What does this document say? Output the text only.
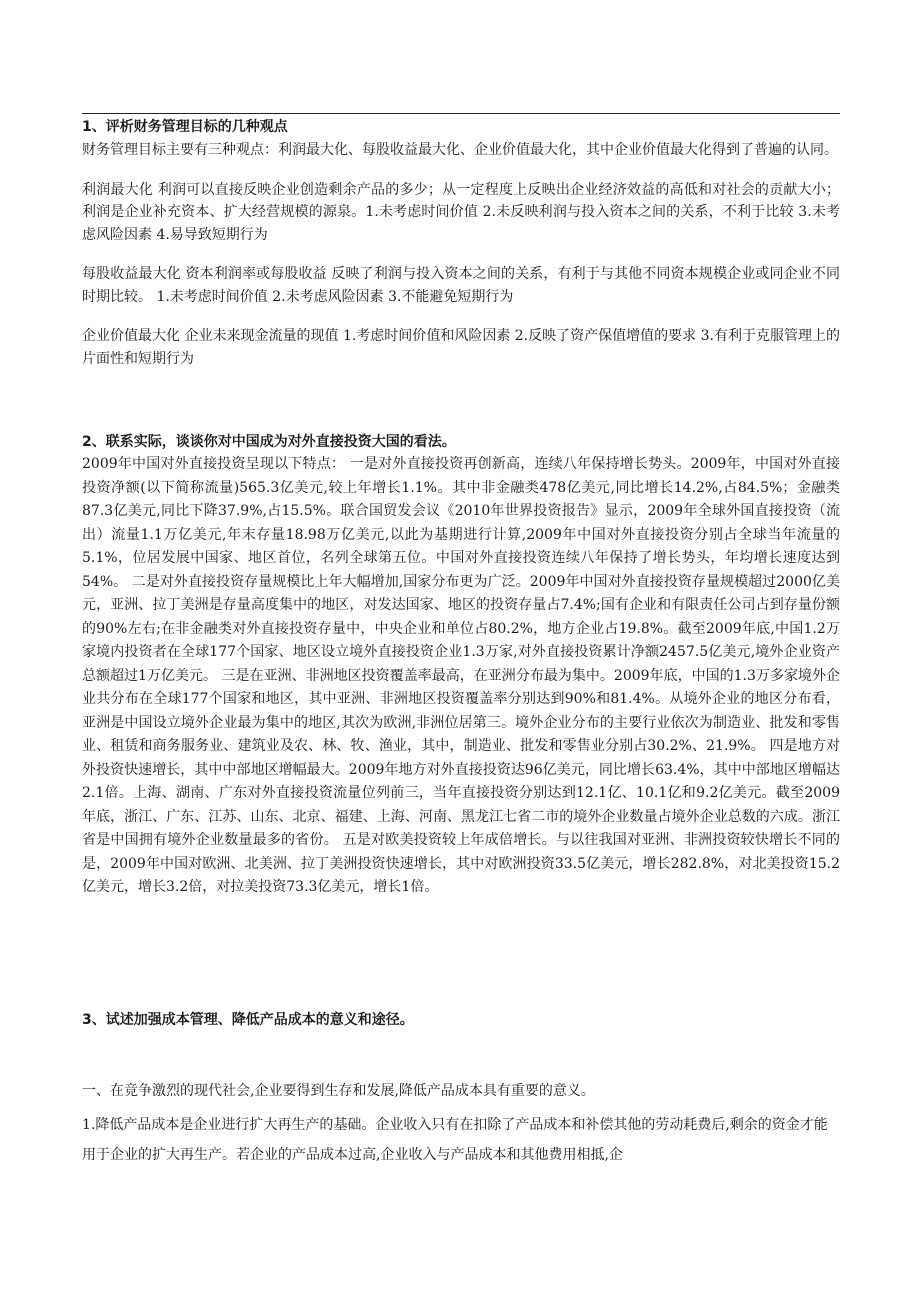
1、评析财务管理目标的几种观点

财务管理目标主要有三种观点：利润最大化、每股收益最大化、企业价值最大化，其中企业价值最大化得到了普遍的认同。

利润最大化 利润可以直接反映企业创造剩余产品的多少；从一定程度上反映出企业经济效益的高低和对社会的贡献大小；利润是企业补充资本、扩大经营规模的源泉。1.未考虑时间价值 2.未反映利润与投入资本之间的关系，不利于比较 3.未考虑风险因素 4.易导致短期行为

每股收益最大化 资本利润率或每股收益 反映了利润与投入资本之间的关系，有利于与其他不同资本规模企业或同企业不同时期比较。 1.未考虑时间价值 2.未考虑风险因素 3.不能避免短期行为

企业价值最大化 企业未来现金流量的现值 1.考虑时间价值和风险因素 2.反映了资产保值增值的要求 3.有利于克服管理上的片面性和短期行为

2、联系实际，谈谈你对中国成为对外直接投资大国的看法。

2009年中国对外直接投资呈现以下特点： 一是对外直接投资再创新高，连续八年保持增长势头。2009年，中国对外直接投资净额(以下简称流量)565.3亿美元,较上年增长1.1%。其中非金融类478亿美元,同比增长14.2%,占84.5%；金融类87.3亿美元,同比下降37.9%,占15.5%。联合国贸发会议《2010年世界投资报告》显示，2009年全球外国直接投资（流出）流量1.1万亿美元,年末存量18.98万亿美元,以此为基期进行计算,2009年中国对外直接投资分别占全球当年流量的5.1%，位居发展中国家、地区首位，名列全球第五位。中国对外直接投资连续八年保持了增长势头，年均增长速度达到54%。 二是对外直接投资存量规模比上年大幅增加,国家分布更为广泛。2009年中国对外直接投资存量规模超过2000亿美元，亚洲、拉丁美洲是存量高度集中的地区，对发达国家、地区的投资存量占7.4%;国有企业和有限责任公司占到存量份额的90%左右;在非金融类对外直接投资存量中，中央企业和单位占80.2%，地方企业占19.8%。截至2009年底,中国1.2万家境内投资者在全球177个国家、地区设立境外直接投资企业1.3万家,对外直接投资累计净额2457.5亿美元,境外企业资产总额超过1万亿美元。 三是在亚洲、非洲地区投资覆盖率最高，在亚洲分布最为集中。2009年底，中国的1.3万多家境外企业共分布在全球177个国家和地区，其中亚洲、非洲地区投资覆盖率分别达到90%和81.4%。从境外企业的地区分布看，亚洲是中国设立境外企业最为集中的地区,其次为欧洲,非洲位居第三。境外企业分布的主要行业依次为制造业、批发和零售业、租赁和商务服务业、建筑业及农、林、牧、渔业，其中，制造业、批发和零售业分别占30.2%、21.9%。 四是地方对外投资快速增长，其中中部地区增幅最大。2009年地方对外直接投资达96亿美元，同比增长63.4%，其中中部地区增幅达2.1倍。上海、湖南、广东对外直接投资流量位列前三，当年直接投资分别达到12.1亿、10.1亿和9.2亿美元。截至2009年底，浙江、广东、江苏、山东、北京、福建、上海、河南、黑龙江七省二市的境外企业数量占境外企业总数的六成。浙江省是中国拥有境外企业数量最多的省份。 五是对欧美投资较上年成倍增长。与以往我国对亚洲、非洲投资较快增长不同的是，2009年中国对欧洲、北美洲、拉丁美洲投资快速增长，其中对欧洲投资33.5亿美元，增长282.8%，对北美投资15.2亿美元，增长3.2倍，对拉美投资73.3亿美元，增长1倍。

3、试述加强成本管理、降低产品成本的意义和途径。

一、在竞争激烈的现代社会,企业要得到生存和发展,降低产品成本具有重要的意义。

1.降低产品成本是企业进行扩大再生产的基础。企业收入只有在扣除了产品成本和补偿其他的劳动耗费后,剩余的资金才能用于企业的扩大再生产。若企业的产品成本过高,企业收入与产品成本和其他费用相抵,企
